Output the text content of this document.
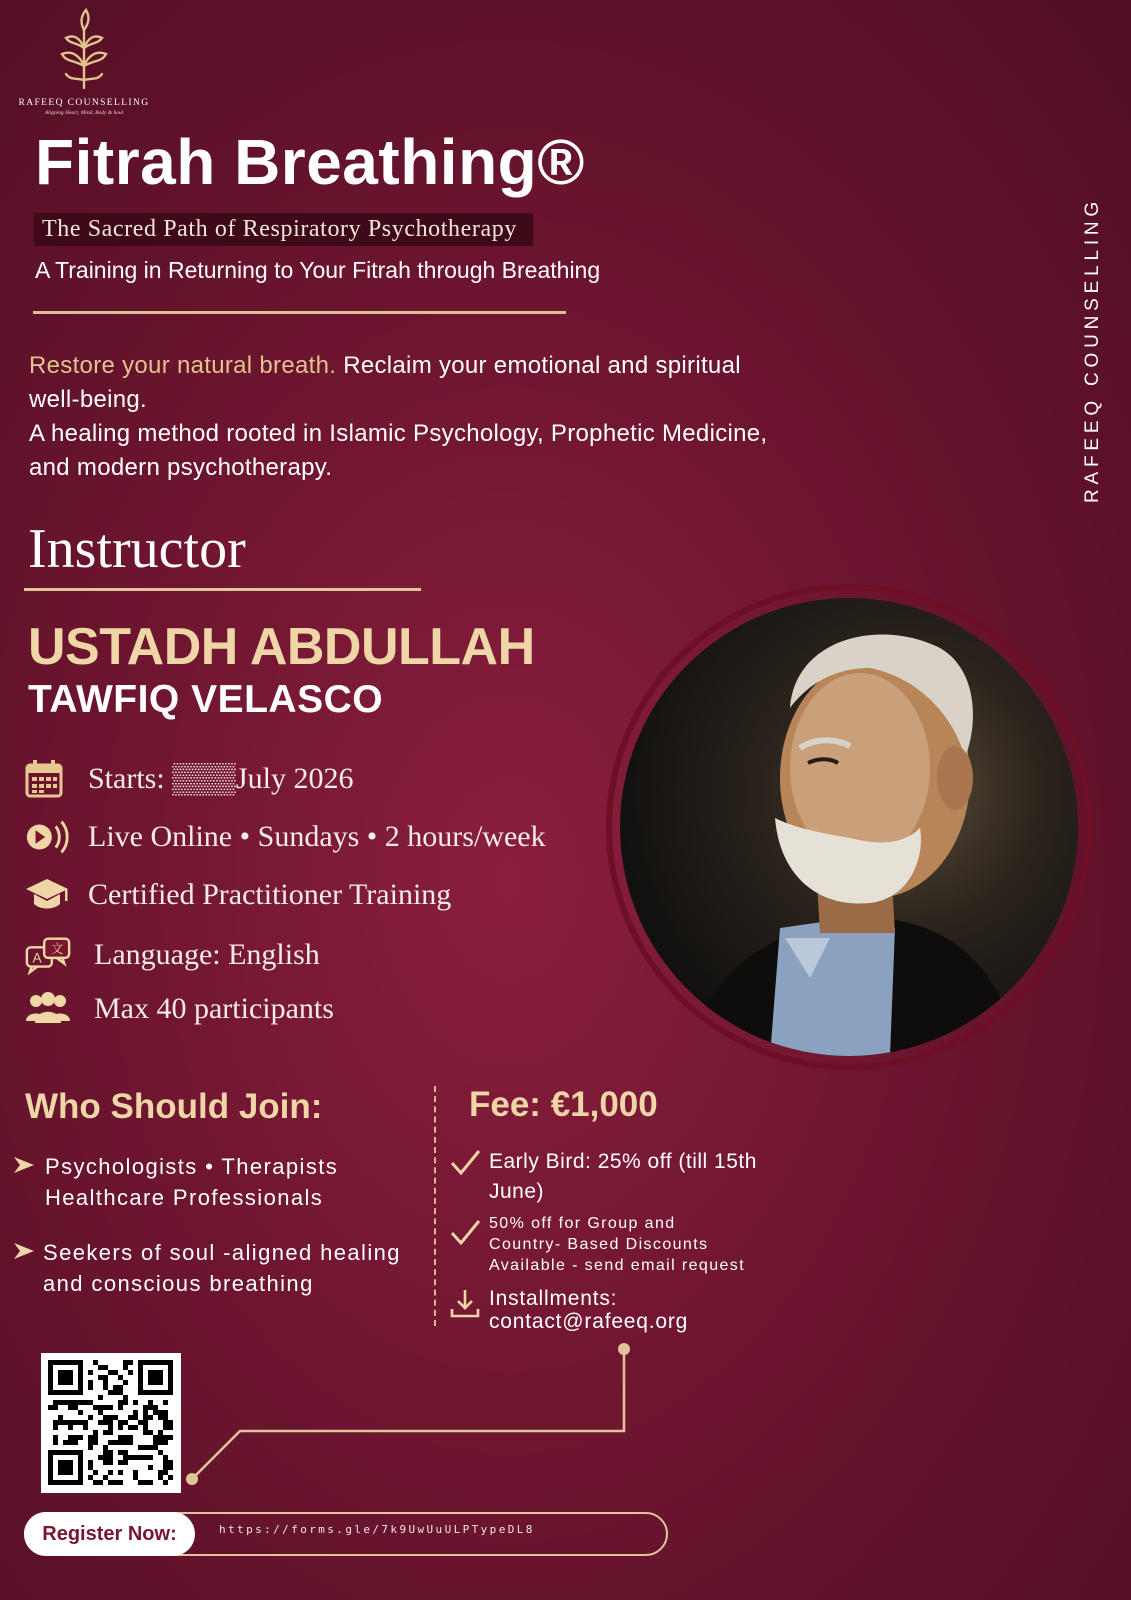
RAFEEQ COUNSELLING
Aligning Heart, Mind, Body & Soul
Fitrah Breathing®
The Sacred Path of Respiratory Psychotherapy
A Training in Returning to Your Fitrah through Breathing
Restore your natural breath. Reclaim your emotional and spiritual well-being.
A healing method rooted in Islamic Psychology, Prophetic Medicine, and modern psychotherapy.	RAFEEQ COUNSELLING
Instructor
USTADH ABDULLAH
TAWFIQ VELASCO
Starts: ▒▒▒July 2026
Live Online • Sundays • 2 hours/week
Certified Practitioner Training
A
文 Language: English
Max 40 participants
Who Should Join:
Psychologists • Therapists
Healthcare Professionals
Seekers of soul -aligned healing
and conscious breathing
Fee: €1,000
Early Bird: 25% off (till 15th
June)
50% off for Group and
Country- Based Discounts
Available - send email request
Installments:
contact@rafeeq.org
Register Now:	https://forms.gle/7k9UwUuULPTypeDL8
